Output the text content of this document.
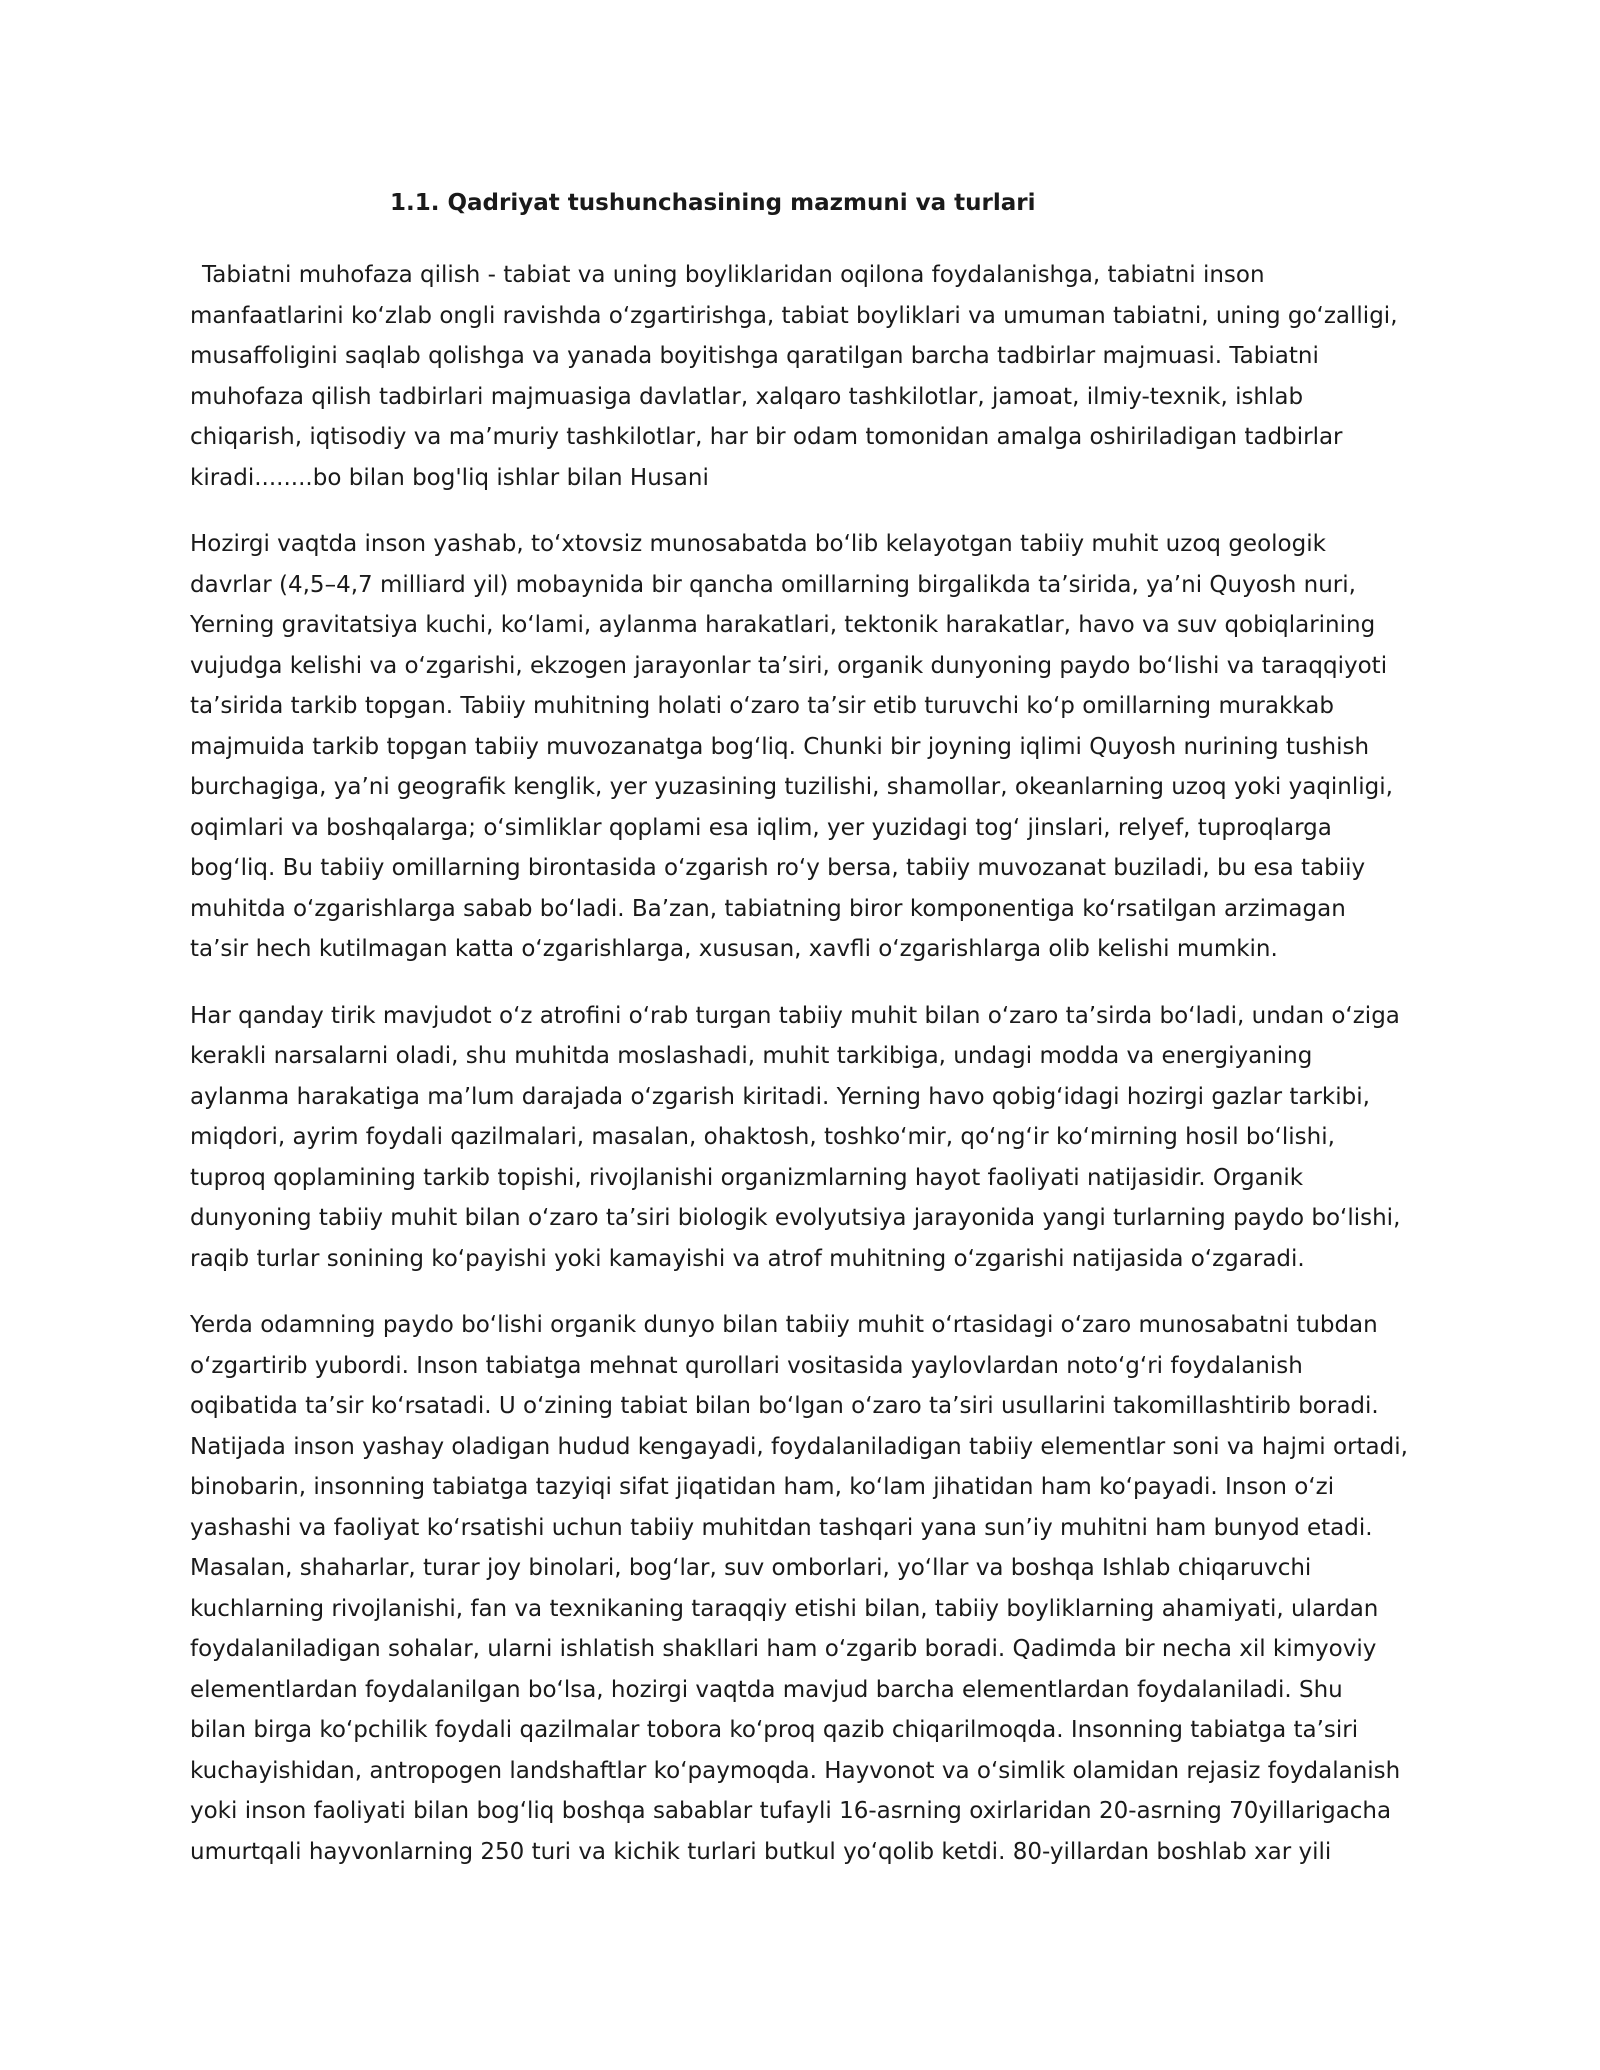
1.1. Qadriyat tushunchasining mazmuni va turlari

Tabiatni muhofaza qilish - tabiat va uning boyliklaridan oqilona foydalanishga, tabiatni inson
manfaatlarini ko‘zlab ongli ravishda o‘zgartirishga, tabiat boyliklari va umuman tabiatni, uning go‘zalligi,
musaffoligini saqlab qolishga va yanada boyitishga qaratilgan barcha tadbirlar majmuasi. Tabiatni
muhofaza qilish tadbirlari majmuasiga davlatlar, xalqaro tashkilotlar, jamoat, ilmiy-texnik, ishlab
chiqarish, iqtisodiy va ma’muriy tashkilotlar, har bir odam tomonidan amalga oshiriladigan tadbirlar
kiradi........bo bilan bog'liq ishlar bilan Husani

Hozirgi vaqtda inson yashab, to‘xtovsiz munosabatda bo‘lib kelayotgan tabiiy muhit uzoq geologik
davrlar (4,5–4,7 milliard yil) mobaynida bir qancha omillarning birgalikda ta’sirida, ya’ni Quyosh nuri,
Yerning gravitatsiya kuchi, ko‘lami, aylanma harakatlari, tektonik harakatlar, havo va suv qobiqlarining
vujudga kelishi va o‘zgarishi, ekzogen jarayonlar ta’siri, organik dunyoning paydo bo‘lishi va taraqqiyoti
ta’sirida tarkib topgan. Tabiiy muhitning holati o‘zaro ta’sir etib turuvchi ko‘p omillarning murakkab
majmuida tarkib topgan tabiiy muvozanatga bog‘liq. Chunki bir joyning iqlimi Quyosh nurining tushish
burchagiga, ya’ni geografik kenglik, yer yuzasining tuzilishi, shamollar, okeanlarning uzoq yoki yaqinligi,
oqimlari va boshqalarga; o‘simliklar qoplami esa iqlim, yer yuzidagi tog‘ jinslari, relyef, tuproqlarga
bog‘liq. Bu tabiiy omillarning birontasida o‘zgarish ro‘y bersa, tabiiy muvozanat buziladi, bu esa tabiiy
muhitda o‘zgarishlarga sabab bo‘ladi. Ba’zan, tabiatning biror komponentiga ko‘rsatilgan arzimagan
ta’sir hech kutilmagan katta o‘zgarishlarga, xususan, xavfli o‘zgarishlarga olib kelishi mumkin.

Har qanday tirik mavjudot o‘z atrofini o‘rab turgan tabiiy muhit bilan o‘zaro ta’sirda bo‘ladi, undan o‘ziga
kerakli narsalarni oladi, shu muhitda moslashadi, muhit tarkibiga, undagi modda va energiyaning
aylanma harakatiga ma’lum darajada o‘zgarish kiritadi. Yerning havo qobig‘idagi hozirgi gazlar tarkibi,
miqdori, ayrim foydali qazilmalari, masalan, ohaktosh, toshko‘mir, qo‘ng‘ir ko‘mirning hosil bo‘lishi,
tuproq qoplamining tarkib topishi, rivojlanishi organizmlarning hayot faoliyati natijasidir. Organik
dunyoning tabiiy muhit bilan o‘zaro ta’siri biologik evolyutsiya jarayonida yangi turlarning paydo bo‘lishi,
raqib turlar sonining ko‘payishi yoki kamayishi va atrof muhitning o‘zgarishi natijasida o‘zgaradi.

Yerda odamning paydo bo‘lishi organik dunyo bilan tabiiy muhit o‘rtasidagi o‘zaro munosabatni tubdan
o‘zgartirib yubordi. Inson tabiatga mehnat qurollari vositasida yaylovlardan noto‘g‘ri foydalanish
oqibatida ta’sir ko‘rsatadi. U o‘zining tabiat bilan bo‘lgan o‘zaro ta’siri usullarini takomillashtirib boradi.
Natijada inson yashay oladigan hudud kengayadi, foydalaniladigan tabiiy elementlar soni va hajmi ortadi,
binobarin, insonning tabiatga tazyiqi sifat jiqatidan ham, ko‘lam jihatidan ham ko‘payadi. Inson o‘zi
yashashi va faoliyat ko‘rsatishi uchun tabiiy muhitdan tashqari yana sun’iy muhitni ham bunyod etadi.
Masalan, shaharlar, turar joy binolari, bog‘lar, suv omborlari, yo‘llar va boshqa Ishlab chiqaruvchi
kuchlarning rivojlanishi, fan va texnikaning taraqqiy etishi bilan, tabiiy boyliklarning ahamiyati, ulardan
foydalaniladigan sohalar, ularni ishlatish shakllari ham o‘zgarib boradi. Qadimda bir necha xil kimyoviy
elementlardan foydalanilgan bo‘lsa, hozirgi vaqtda mavjud barcha elementlardan foydalaniladi. Shu
bilan birga ko‘pchilik foydali qazilmalar tobora ko‘proq qazib chiqarilmoqda. Insonning tabiatga ta’siri
kuchayishidan, antropogen landshaftlar ko‘paymoqda. Hayvonot va o‘simlik olamidan rejasiz foydalanish
yoki inson faoliyati bilan bog‘liq boshqa sabablar tufayli 16-asrning oxirlaridan 20-asrning 70yillarigacha
umurtqali hayvonlarning 250 turi va kichik turlari butkul yo‘qolib ketdi. 80-yillardan boshlab xar yili
